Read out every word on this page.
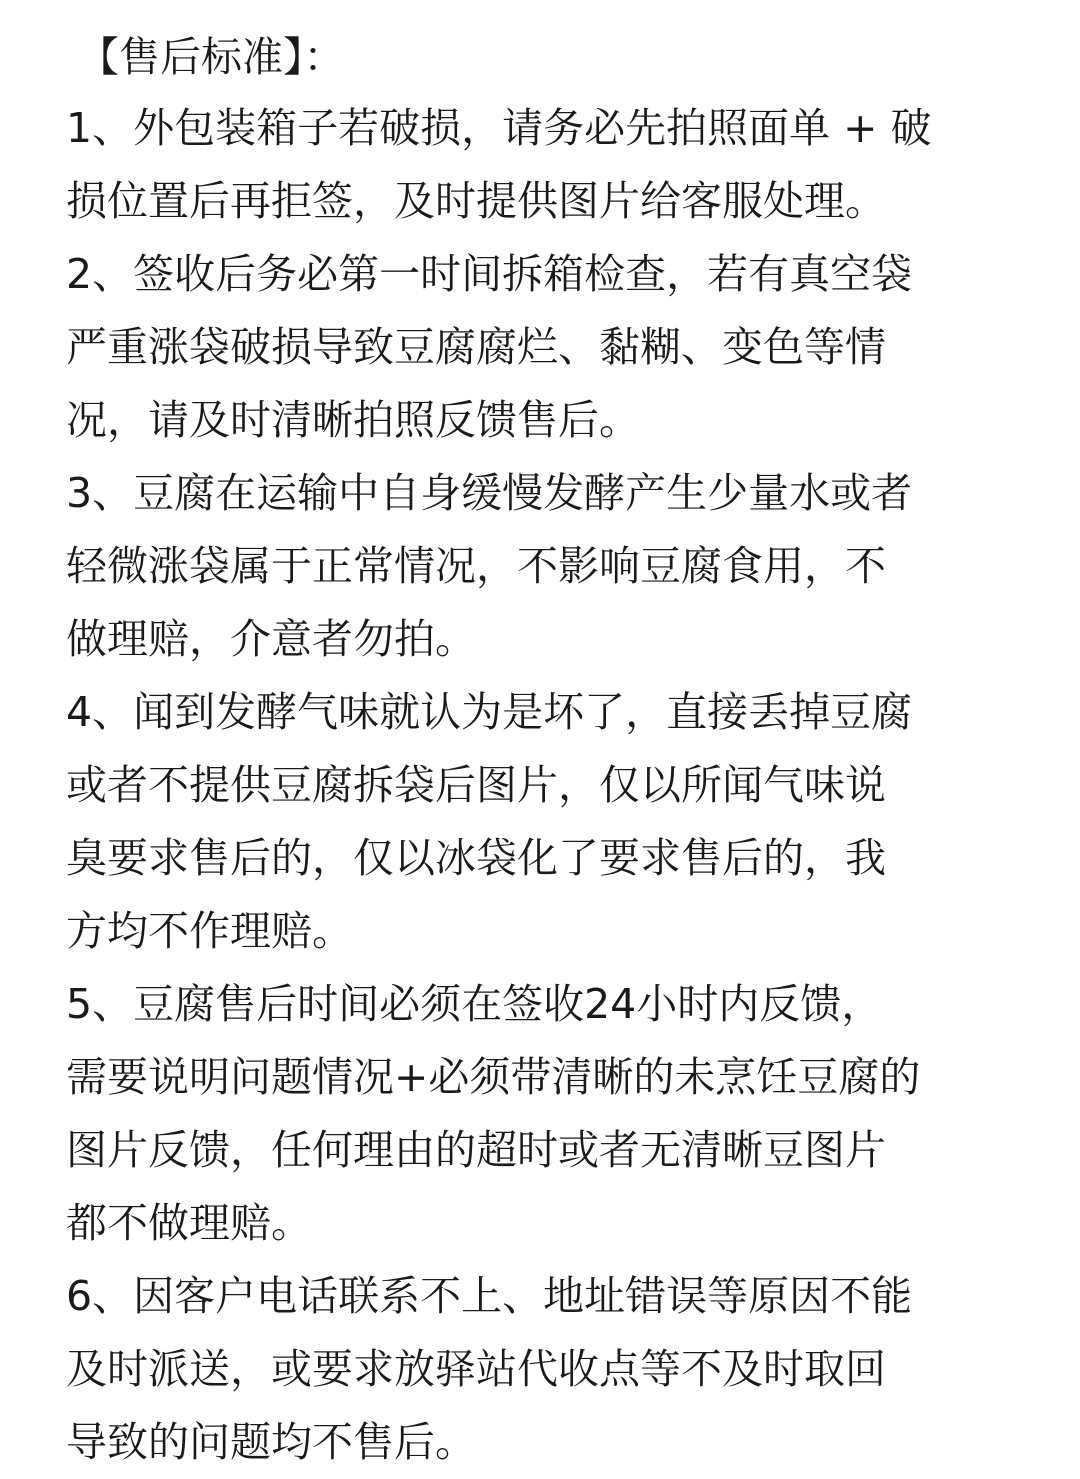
【售后标准】：
1、外包装箱子若破损，请务必先拍照面单 + 破
损位置后再拒签，及时提供图片给客服处理。
2、签收后务必第一时间拆箱检查，若有真空袋
严重涨袋破损导致豆腐腐烂、黏糊、变色等情
况，请及时清晰拍照反馈售后。
3、豆腐在运输中自身缓慢发酵产生少量水或者
轻微涨袋属于正常情况，不影响豆腐食用，不
做理赔，介意者勿拍。
4、闻到发酵气味就认为是坏了，直接丢掉豆腐
或者不提供豆腐拆袋后图片，仅以所闻气味说
臭要求售后的，仅以冰袋化了要求售后的，我
方均不作理赔。
5、豆腐售后时间必须在签收24小时内反馈，
需要说明问题情况+必须带清晰的未烹饪豆腐的
图片反馈，任何理由的超时或者无清晰豆图片
都不做理赔。
6、因客户电话联系不上、地址错误等原因不能
及时派送，或要求放驿站代收点等不及时取回
导致的问题均不售后。
